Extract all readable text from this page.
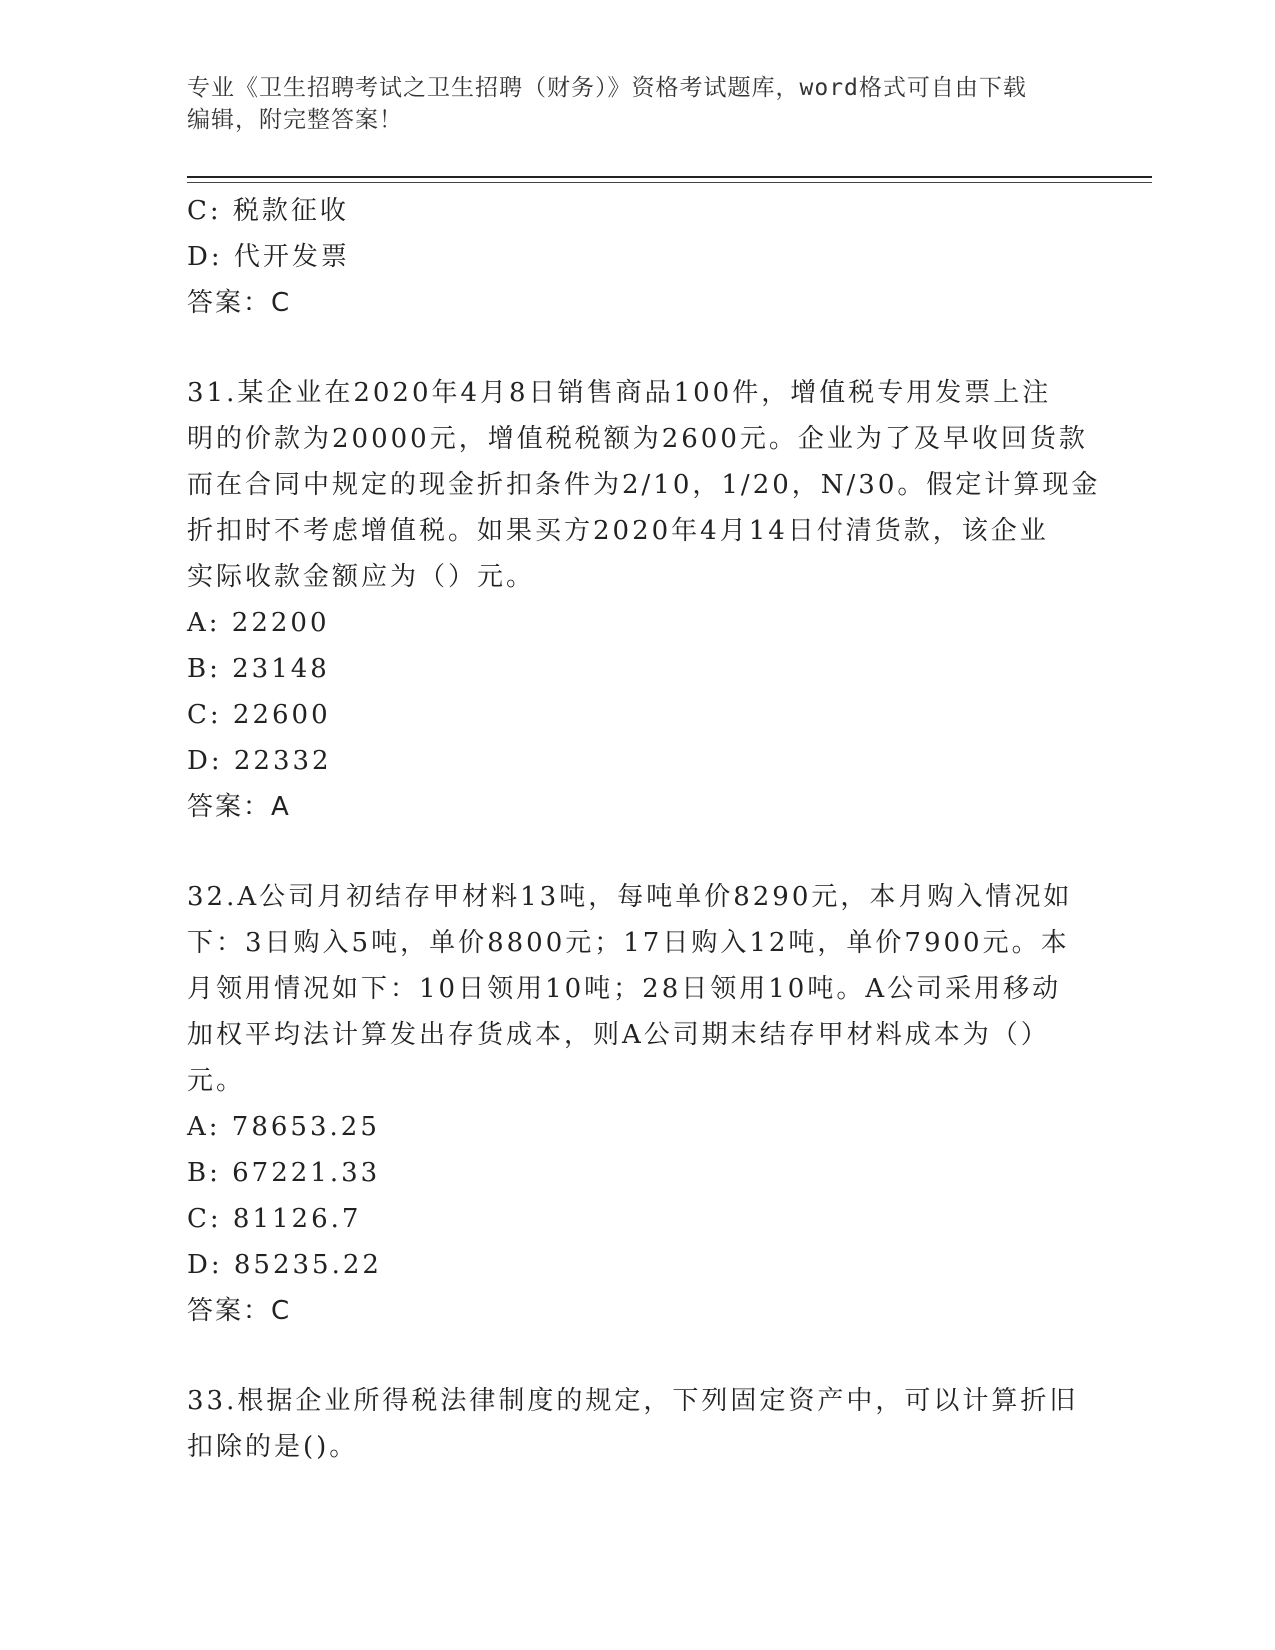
专业《卫生招聘考试之卫生招聘（财务）》资格考试题库，word格式可自由下载
编辑，附完整答案！
C: 税款征收
D: 代开发票
答案：C
31.某企业在2020年4月8日销售商品100件，增值税专用发票上注
明的价款为20000元，增值税税额为2600元。企业为了及早收回货款
而在合同中规定的现金折扣条件为2/10，1/20，N/30。假定计算现金
折扣时不考虑增值税。如果买方2020年4月14日付清货款，该企业
实际收款金额应为（）元。
A: 22200
B: 23148
C: 22600
D: 22332
答案：A
32.A公司月初结存甲材料13吨，每吨单价8290元，本月购入情况如
下：3日购入5吨，单价8800元；17日购入12吨，单价7900元。本
月领用情况如下：10日领用10吨；28日领用10吨。A公司采用移动
加权平均法计算发出存货成本，则A公司期末结存甲材料成本为（）
元。
A: 78653.25
B: 67221.33
C: 81126.7
D: 85235.22
答案：C
33.根据企业所得税法律制度的规定，下列固定资产中，可以计算折旧
扣除的是()。
